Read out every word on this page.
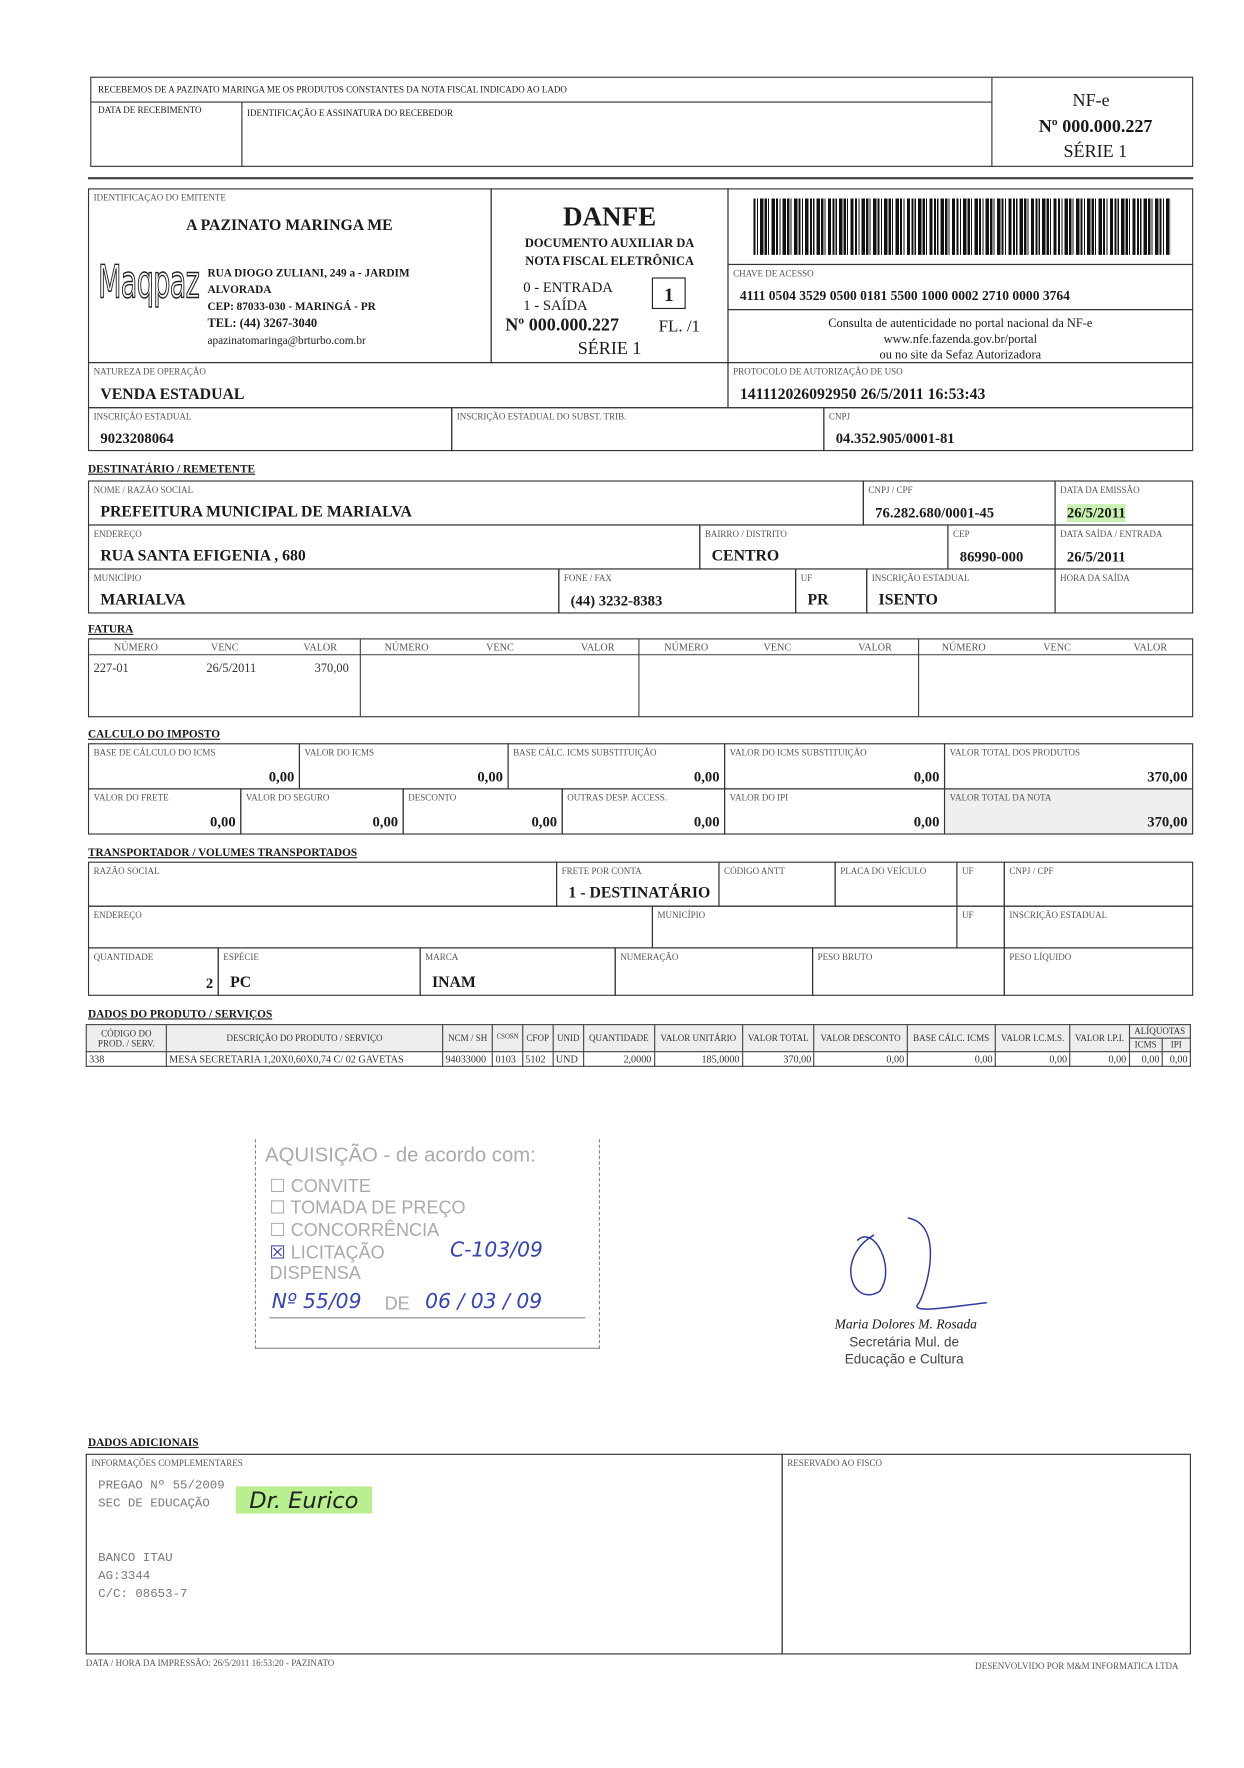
RECEBEMOS DE A PAZINATO MARINGA ME OS PRODUTOS CONSTANTES DA NOTA FISCAL INDICADO AO LADO
DATA DE RECEBIMENTO	IDENTIFICAÇÃO E ASSINATURA DO RECEBEDOR
NF-e
Nº 000.000.227
SÉRIE 1
IDENTIFICAÇAO DO EMITENTE
A PAZINATO MARINGA ME
Maqpaz RUA DIOGO ZULIANI, 249 a - JARDIM
ALVORADA
CEP: 87033-030 - MARINGÁ - PR
TEL: (44) 3267-3040
apazinatomaringa@brturbo.com.br
DANFE
DOCUMENTO AUXILIAR DA
NOTA FISCAL ELETRÔNICA
0 - ENTRADA
1 - SAÍDA	1
Nº 000.000.227	FL. /1
SÉRIE 1
CHAVE DE ACESSO
4111 0504 3529 0500 0181 5500 1000 0002 2710 0000 3764
Consulta de autenticidade no portal nacional da NF-e
www.nfe.fazenda.gov.br/portal
ou no site da Sefaz Autorizadora
NATUREZA DE OPERAÇÃO
VENDA ESTADUAL
PROTOCOLO DE AUTORIZAÇÃO DE USO
141112026092950 26/5/2011 16:53:43
INSCRIÇÃO ESTADUAL
9023208064
INSCRIÇÃO ESTADUAL DO SUBST. TRIB.	CNPJ
04.352.905/0001-81
DESTINATÁRIO / REMETENTE
NOME / RAZÃO SOCIAL
PREFEITURA MUNICIPAL DE MARIALVA
CNPJ / CPF
76.282.680/0001-45
DATA DA EMISSÃO
26/5/2011
ENDEREÇO
RUA SANTA EFIGENIA , 680
BAIRRO / DISTRITO
CENTRO
CEP
86990-000
DATA SAÍDA / ENTRADA
26/5/2011
MUNICÍPIO
MARIALVA
FONE / FAX
(44) 3232-8383
UF
PR
INSCRIÇÃO ESTADUAL
ISENTO
HORA DA SAÍDA
FATURA
NÚMERO	VENC	VALOR	NÚMERO	VENC	VALOR	NÚMERO	VENC	VALOR	NÚMERO	VENC	VALOR
227-01	26/5/2011	370,00
CALCULO DO IMPOSTO
BASE DE CÁLCULO DO ICMS
0,00
VALOR DO ICMS
0,00
BASE CÁLC. ICMS SUBSTITUIÇÃO
0,00
VALOR DO ICMS SUBSTITUIÇÃO
0,00
VALOR TOTAL DOS PRODUTOS
370,00
VALOR DO FRETE
0,00
VALOR DO SEGURO
0,00
DESCONTO
0,00
OUTRAS DESP. ACCESS.
0,00
VALOR DO IPI
0,00
VALOR TOTAL DA NOTA
370,00
TRANSPORTADOR / VOLUMES TRANSPORTADOS
RAZÃO SOCIAL	FRETE POR CONTA
1 - DESTINATÁRIO
CÓDIGO ANTT	PLACA DO VEÍCULO	UF	CNPJ / CPF
ENDEREÇO	MUNICÍPIO	UF	INSCRIÇÃO ESTADUAL
QUANTIDADE
2
ESPÉCIE
PC
MARCA
INAM
NUMERAÇÃO	PESO BRUTO	PESO LÍQUIDO
DADOS DO PRODUTO / SERVIÇOS
CÓDIGO DO PROD. / SERV.	DESCRIÇÃO DO PRODUTO / SERVIÇO	NCM / SH	CSOSN	CFOP	UNID	QUANTIDADE	VALOR UNITÁRIO	VALOR TOTAL	VALOR DESCONTO	BASE CÁLC. ICMS	VALOR I.C.M.S.	VALOR I.P.I.	ALÍQUOTAS	
													ICMS	IPI
338	MESA SECRETARIA 1,20X0,60X0,74 C/ 02 GAVETAS	94033000	0103	5102	UND	2,0000	185,0000	370,00	0,00	0,00	0,00	0,00	0,00	0,00
AQUISIÇÃO - de acordo com:
☐ CONVITE
☐ TOMADA DE PREÇO
☐ CONCORRÊNCIA
☒ LICITAÇÃO	C-103/09
DISPENSA
Nº 55/09 DE 06 / 03 / 09
Maria Dolores M. Rosada
Secretária Mul. de
Educação e Cultura
DADOS ADICIONAIS
INFORMAÇÕES COMPLEMENTARES
PREGAO Nº 55/2009
SEC DE EDUCAÇÃO
BANCO ITAU
AG:3344
C/C: 08653-7
Dr. Eurico
RESERVADO AO FISCO
DATA / HORA DA IMPRESSÃO: 26/5/2011 16:53:20 - PAZINATO	DESENVOLVIDO POR M&M INFORMATICA LTDA
